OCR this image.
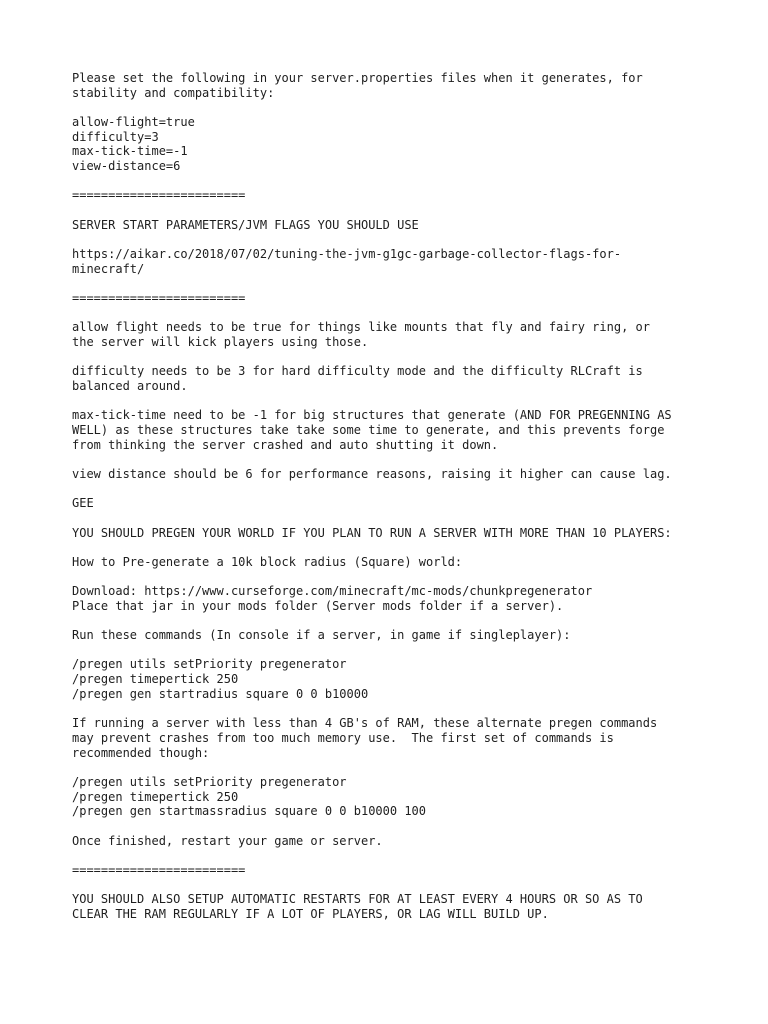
Please set the following in your server.properties files when it generates, for
stability and compatibility:
allow-flight=true
difficulty=3
max-tick-time=-1
view-distance=6
========================
SERVER START PARAMETERS/JVM FLAGS YOU SHOULD USE
https://aikar.co/2018/07/02/tuning-the-jvm-g1gc-garbage-collector-flags-for-
minecraft/
========================
allow flight needs to be true for things like mounts that fly and fairy ring, or
the server will kick players using those.
difficulty needs to be 3 for hard difficulty mode and the difficulty RLCraft is
balanced around.
max-tick-time need to be -1 for big structures that generate (AND FOR PREGENNING AS
WELL) as these structures take take some time to generate, and this prevents forge
from thinking the server crashed and auto shutting it down.
view distance should be 6 for performance reasons, raising it higher can cause lag.
GEE
YOU SHOULD PREGEN YOUR WORLD IF YOU PLAN TO RUN A SERVER WITH MORE THAN 10 PLAYERS:
How to Pre-generate a 10k block radius (Square) world:
Download: https://www.curseforge.com/minecraft/mc-mods/chunkpregenerator
Place that jar in your mods folder (Server mods folder if a server).
Run these commands (In console if a server, in game if singleplayer):
/pregen utils setPriority pregenerator
/pregen timepertick 250
/pregen gen startradius square 0 0 b10000
If running a server with less than 4 GB's of RAM, these alternate pregen commands
may prevent crashes from too much memory use.  The first set of commands is
recommended though:
/pregen utils setPriority pregenerator
/pregen timepertick 250
/pregen gen startmassradius square 0 0 b10000 100
Once finished, restart your game or server.
========================
YOU SHOULD ALSO SETUP AUTOMATIC RESTARTS FOR AT LEAST EVERY 4 HOURS OR SO AS TO
CLEAR THE RAM REGULARLY IF A LOT OF PLAYERS, OR LAG WILL BUILD UP.
